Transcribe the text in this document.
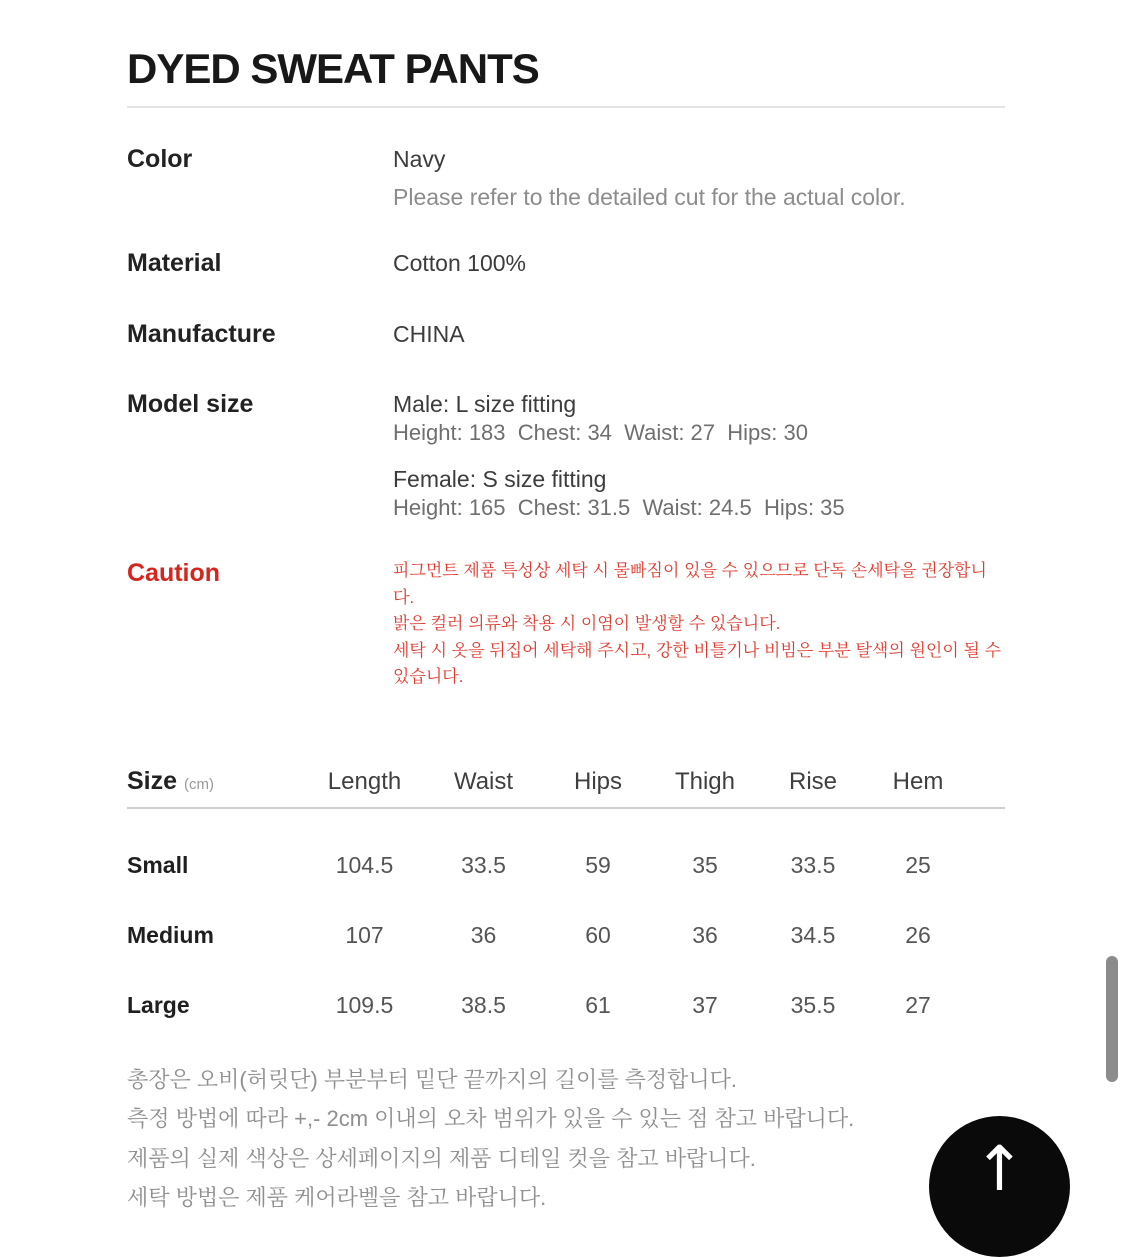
DYED SWEAT PANTS
Color	Navy
Please refer to the detailed cut for the actual color.
Material	Cotton 100%
Manufacture	CHINA
Model size	Male: L size fitting
Height: 183  Chest: 34  Waist: 27  Hips: 30
Female: S size fitting
Height: 165  Chest: 31.5  Waist: 24.5  Hips: 35
Caution	피그먼트 제품 특성상 세탁 시 물빠짐이 있을 수 있으므로 단독 손세탁을 권장합니다.
밝은 컬러 의류와 착용 시 이염이 발생할 수 있습니다.
세탁 시 옷을 뒤집어 세탁해 주시고, 강한 비틀기나 비빔은 부분 탈색의 원인이 될 수 있습니다.
Size (cm)	Length	Waist	Hips	Thigh	Rise	Hem
Small	104.5	33.5	59	35	33.5	25
Medium	107	36	60	36	34.5	26
Large	109.5	38.5	61	37	35.5	27
총장은 오비(허릿단) 부분부터 밑단 끝까지의 길이를 측정합니다.
측정 방법에 따라 +,- 2cm 이내의 오차 범위가 있을 수 있는 점 참고 바랍니다.
제품의 실제 색상은 상세페이지의 제품 디테일 컷을 참고 바랍니다.
세탁 방법은 제품 케어라벨을 참고 바랍니다.	↑
